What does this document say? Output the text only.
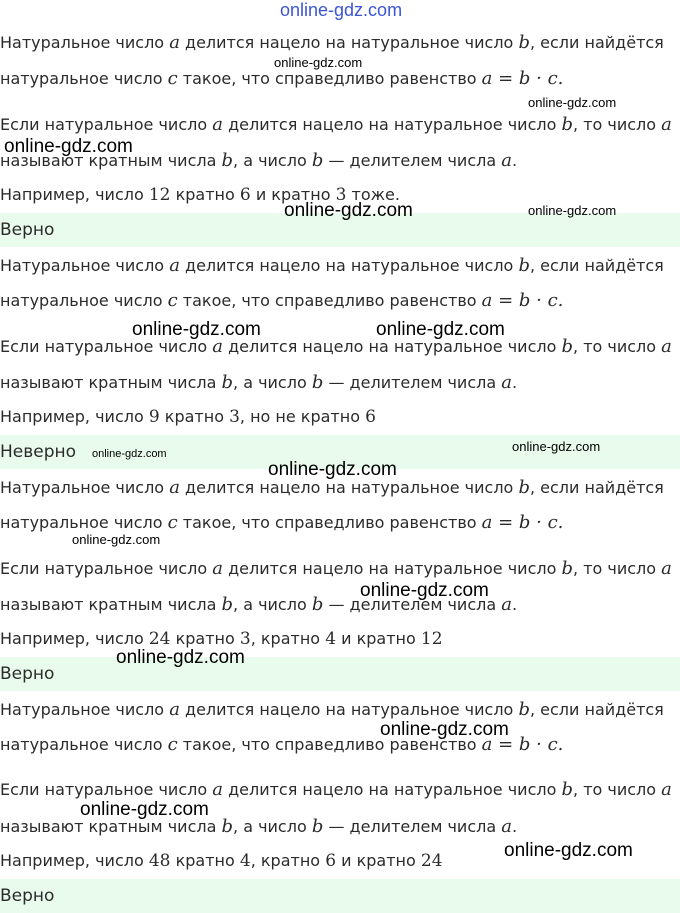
online-gdz.com
Натуральное число a делится нацело на натуральное число b, если найдётся
натуральное число c такое, что справедливо равенство a = b · c.
Если натуральное число a делится нацело на натуральное число b, то число a
называют кратным числа b, а число b — делителем числа a.
Например, число 12 кратно 6 и кратно 3 тоже.
Верно
Натуральное число a делится нацело на натуральное число b, если найдётся
натуральное число c такое, что справедливо равенство a = b · c.
Если натуральное число a делится нацело на натуральное число b, то число a
называют кратным числа b, а число b — делителем числа a.
Например, число 9 кратно 3, но не кратно 6
Неверно
Натуральное число a делится нацело на натуральное число b, если найдётся
натуральное число c такое, что справедливо равенство a = b · c.
Если натуральное число a делится нацело на натуральное число b, то число a
называют кратным числа b, а число b — делителем числа a.
Например, число 24 кратно 3, кратно 4 и кратно 12
Верно
Натуральное число a делится нацело на натуральное число b, если найдётся
натуральное число c такое, что справедливо равенство a = b · c.
Если натуральное число a делится нацело на натуральное число b, то число a
называют кратным числа b, а число b — делителем числа a.
Например, число 48 кратно 4, кратно 6 и кратно 24
Верно
online-gdz.com
online-gdz.com
online-gdz.com
online-gdz.com	online-gdz.com
online-gdz.com	online-gdz.com
online-gdz.com
online-gdz.com
online-gdz.com
online-gdz.com
online-gdz.com
online-gdz.com
online-gdz.com
online-gdz.com
online-gdz.com
